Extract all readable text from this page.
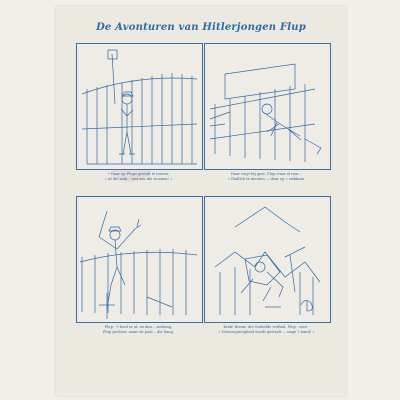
De Avonturen van Hitlerjongen Flup
• Daar op Flups gestalt te loeren:
« Al die zeik... wat zou die woonen! »
Daar wuyt hij gaat, Flup staat al raar...
« Endlich te meuten — daar op » ziekkam.
Flup : 't hoel er al, en dan... zodrang,
Flup probeer, maar de paal... die hang.
Krak! Boem! Art Ontbelde verfind. Flup - zoor -
« Nieuwsgierigheid wordt gestraft — nage 't hand! »
